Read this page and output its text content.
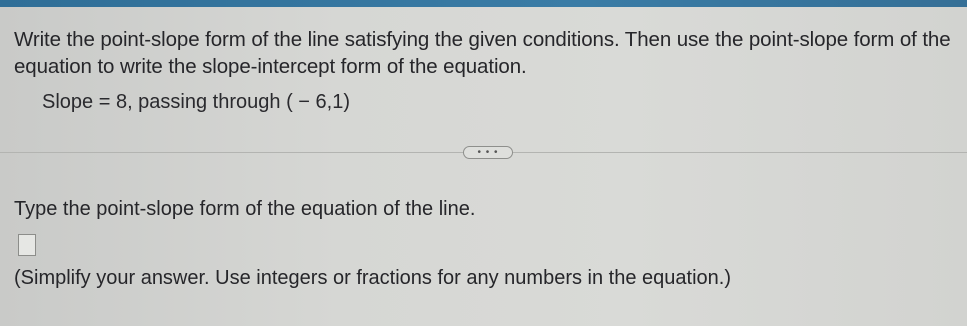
Write the point-slope form of the line satisfying the given conditions. Then use the point-slope form of the equation to write the slope-intercept form of the equation.
Slope = 8, passing through ( − 6,1)
• • •
Type the point-slope form of the equation of the line.
(Simplify your answer. Use integers or fractions for any numbers in the equation.)
